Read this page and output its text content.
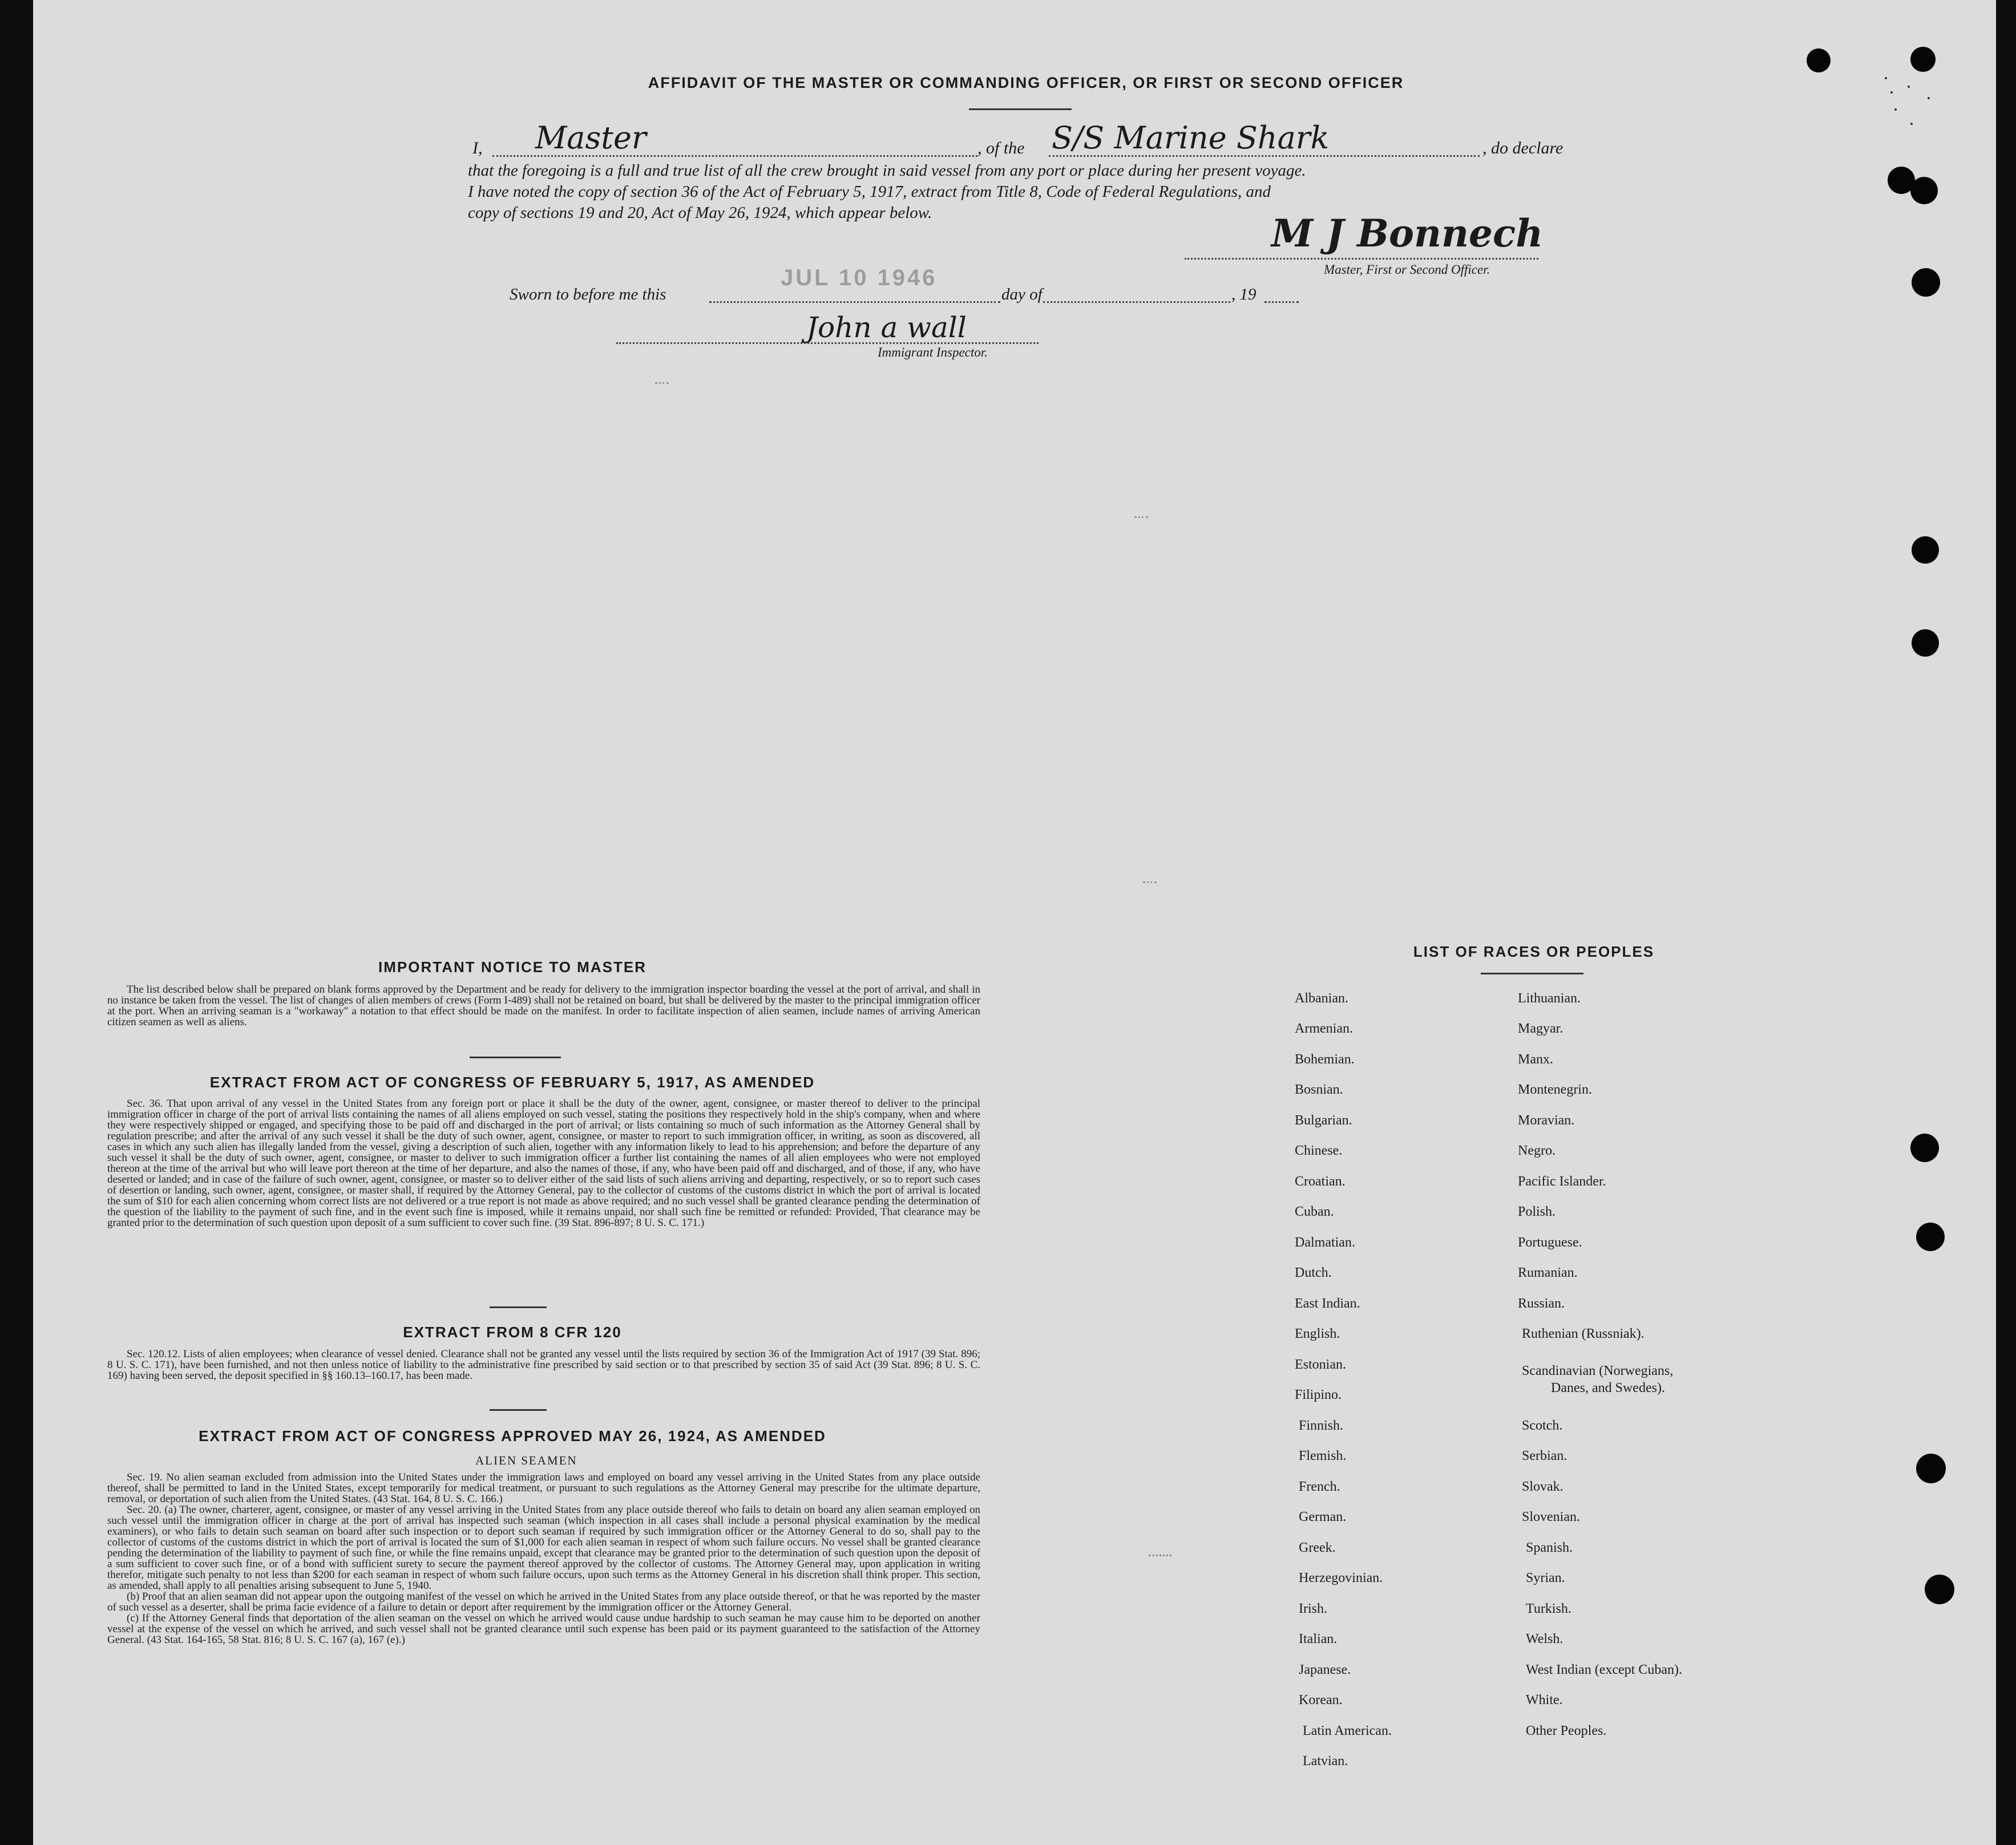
AFFIDAVIT OF THE MASTER OR COMMANDING OFFICER, OR FIRST OR SECOND OFFICER
I, Master	, of the S/S Marine Shark	, do declare
that the foregoing is a full and true list of all the crew brought in said vessel from any port or place during her present voyage.
I have noted the copy of section 36 of the Act of February 5, 1917, extract from Title 8, Code of Federal Regulations, and
copy of sections 19 and 20, Act of May 26, 1924, which appear below.	M J Bonnech
Master, First or Second Officer.
JUL 10 1946
Sworn to before me this	day of	, 19
John a wall
Immigrant Inspector.
IMPORTANT NOTICE TO MASTER

The list described below shall be prepared on blank forms approved by the Department and be ready for delivery to the immigration inspector boarding the vessel at the port of arrival, and shall in no instance be taken from the vessel. The list of changes of alien members of crews (Form I-489) shall not be retained on board, but shall be delivered by the master to the principal immigration officer at the port. When an arriving seaman is a "workaway" a notation to that effect should be made on the manifest. In order to facilitate inspection of alien seamen, include names of arriving American citizen seamen as well as aliens.

EXTRACT FROM ACT OF CONGRESS OF FEBRUARY 5, 1917, AS AMENDED

Sec. 36. That upon arrival of any vessel in the United States from any foreign port or place it shall be the duty of the owner, agent, consignee, or master thereof to deliver to the principal immigration officer in charge of the port of arrival lists containing the names of all aliens employed on such vessel, stating the positions they respectively hold in the ship's company, when and where they were respectively shipped or engaged, and specifying those to be paid off and discharged in the port of arrival; or lists containing so much of such information as the Attorney General shall by regulation prescribe; and after the arrival of any such vessel it shall be the duty of such owner, agent, consignee, or master to report to such immigration officer, in writing, as soon as discovered, all cases in which any such alien has illegally landed from the vessel, giving a description of such alien, together with any information likely to lead to his apprehension; and before the departure of any such vessel it shall be the duty of such owner, agent, consignee, or master to deliver to such immigration officer a further list containing the names of all alien employees who were not employed thereon at the time of the arrival but who will leave port thereon at the time of her departure, and also the names of those, if any, who have been paid off and discharged, and of those, if any, who have deserted or landed; and in case of the failure of such owner, agent, consignee, or master so to deliver either of the said lists of such aliens arriving and departing, respectively, or so to report such cases of desertion or landing, such owner, agent, consignee, or master shall, if required by the Attorney General, pay to the collector of customs of the customs district in which the port of arrival is located the sum of $10 for each alien concerning whom correct lists are not delivered or a true report is not made as above required; and no such vessel shall be granted clearance pending the determination of the question of the liability to the payment of such fine, and in the event such fine is imposed, while it remains unpaid, nor shall such fine be remitted or refunded: Provided, That clearance may be granted prior to the determination of such question upon deposit of a sum sufficient to cover such fine. (39 Stat. 896-897; 8 U. S. C. 171.)

EXTRACT FROM 8 CFR 120

Sec. 120.12. Lists of alien employees; when clearance of vessel denied. Clearance shall not be granted any vessel until the lists required by section 36 of the Immigration Act of 1917 (39 Stat. 896; 8 U. S. C. 171), have been furnished, and not then unless notice of liability to the administrative fine prescribed by said section or to that prescribed by section 35 of said Act (39 Stat. 896; 8 U. S. C. 169) having been served, the deposit specified in §§ 160.13–160.17, has been made.

EXTRACT FROM ACT OF CONGRESS APPROVED MAY 26, 1924, AS AMENDED
ALIEN SEAMEN

Sec. 19. No alien seaman excluded from admission into the United States under the immigration laws and employed on board any vessel arriving in the United States from any place outside thereof, shall be permitted to land in the United States, except temporarily for medical treatment, or pursuant to such regulations as the Attorney General may prescribe for the ultimate departure, removal, or deportation of such alien from the United States. (43 Stat. 164, 8 U. S. C. 166.)

Sec. 20. (a) The owner, charterer, agent, consignee, or master of any vessel arriving in the United States from any place outside thereof who fails to detain on board any alien seaman employed on such vessel until the immigration officer in charge at the port of arrival has inspected such seaman (which inspection in all cases shall include a personal physical examination by the medical examiners), or who fails to detain such seaman on board after such inspection or to deport such seaman if required by such immigration officer or the Attorney General to do so, shall pay to the collector of customs of the customs district in which the port of arrival is located the sum of $1,000 for each alien seaman in respect of whom such failure occurs. No vessel shall be granted clearance pending the determination of the liability to payment of such fine, or while the fine remains unpaid, except that clearance may be granted prior to the determination of such question upon the deposit of a sum sufficient to cover such fine, or of a bond with sufficient surety to secure the payment thereof approved by the collector of customs. The Attorney General may, upon application in writing therefor, mitigate such penalty to not less than $200 for each seaman in respect of whom such failure occurs, upon such terms as the Attorney General in his discretion shall think proper. This section, as amended, shall apply to all penalties arising subsequent to June 5, 1940.

(b) Proof that an alien seaman did not appear upon the outgoing manifest of the vessel on which he arrived in the United States from any place outside thereof, or that he was reported by the master of such vessel as a deserter, shall be prima facie evidence of a failure to detain or deport after requirement by the immigration officer or the Attorney General.

(c) If the Attorney General finds that deportation of the alien seaman on the vessel on which he arrived would cause undue hardship to such seaman he may cause him to be deported on another vessel at the expense of the vessel on which he arrived, and such vessel shall not be granted clearance until such expense has been paid or its payment guaranteed to the satisfaction of the Attorney General. (43 Stat. 164-165, 58 Stat. 816; 8 U. S. C. 167 (a), 167 (e).)

LIST OF RACES OR PEOPLES
Albanian.
Armenian.
Bohemian.
Bosnian.
Bulgarian.
Chinese.
Croatian.
Cuban.
Dalmatian.
Dutch.
East Indian.
English.
Estonian.
Filipino.
Finnish.
Flemish.
French.
German.
Greek.
Herzegovinian.
Irish.
Italian.
Japanese.
Korean.
Latin American.
Latvian.
Lithuanian.
Magyar.
Manx.
Montenegrin.
Moravian.
Negro.
Pacific Islander.
Polish.
Portuguese.
Rumanian.
Russian.
Ruthenian (Russniak).
Scandinavian (Norwegians,
Danes, and Swedes).
Scotch.
Serbian.
Slovak.
Slovenian.
Spanish.
Syrian.
Turkish.
Welsh.
West Indian (except Cuban).
White.
Other Peoples.
